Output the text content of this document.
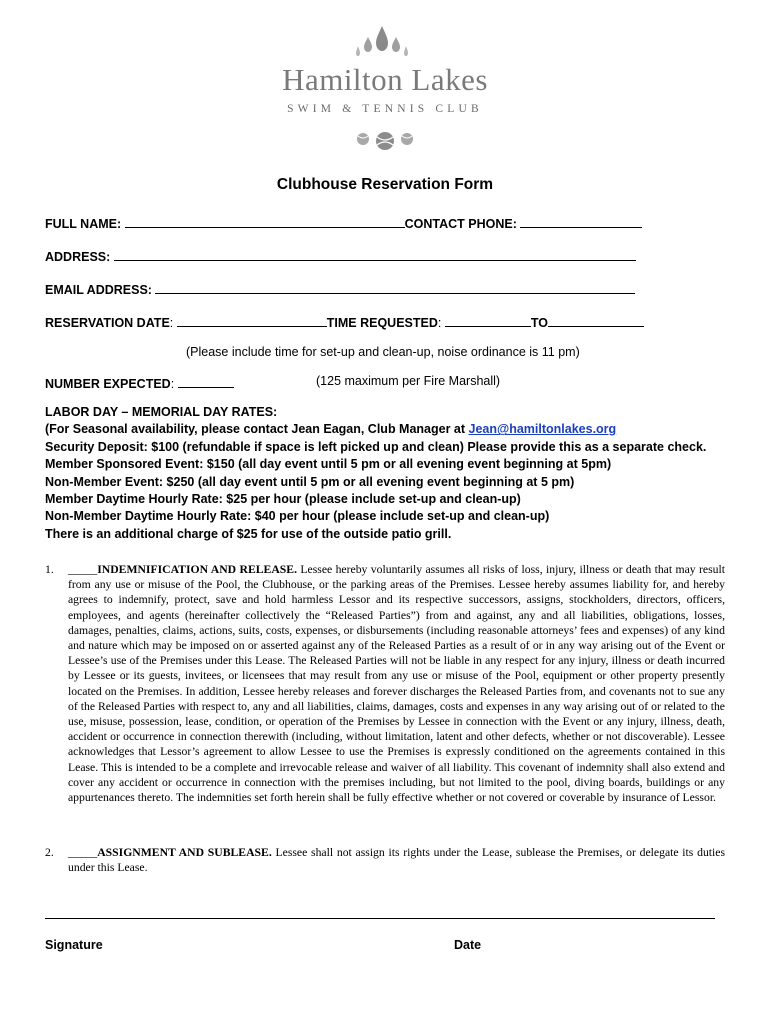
Hamilton Lakes
SWIM & TENNIS CLUB
Clubhouse Reservation Form
FULL NAME:	CONTACT PHONE:
ADDRESS:
EMAIL ADDRESS:
RESERVATION DATE:	TIME REQUESTED:	TO
(Please include time for set-up and clean-up, noise ordinance is 11 pm)
NUMBER EXPECTED:	(125 maximum per Fire Marshall)
LABOR DAY – MEMORIAL DAY RATES:
(For Seasonal availability, please contact Jean Eagan, Club Manager at Jean@hamiltonlakes.org
Security Deposit: $100 (refundable if space is left picked up and clean) Please provide this as a separate check.
Member Sponsored Event: $150 (all day event until 5 pm or all evening event beginning at 5pm)
Non-Member Event: $250 (all day event until 5 pm or all evening event beginning at 5 pm)
Member Daytime Hourly Rate: $25 per hour (please include set-up and clean-up)
Non-Member Daytime Hourly Rate: $40 per hour (please include set-up and clean-up)
There is an additional charge of $25 for use of the outside patio grill.
1. _____INDEMNIFICATION AND RELEASE. Lessee hereby voluntarily assumes all risks of loss, injury, illness or death that may result from any use or misuse of the Pool, the Clubhouse, or the parking areas of the Premises. Lessee hereby assumes liability for, and hereby agrees to indemnify, protect, save and hold harmless Lessor and its respective successors, assigns, stockholders, directors, officers, employees, and agents (hereinafter collectively the “Released Parties”) from and against, any and all liabilities, obligations, losses, damages, penalties, claims, actions, suits, costs, expenses, or disbursements (including reasonable attorneys’ fees and expenses) of any kind and nature which may be imposed on or asserted against any of the Released Parties as a result of or in any way arising out of the Event or Lessee’s use of the Premises under this Lease. The Released Parties will not be liable in any respect for any injury, illness or death incurred by Lessee or its guests, invitees, or licensees that may result from any use or misuse of the Pool, equipment or other property presently located on the Premises. In addition, Lessee hereby releases and forever discharges the Released Parties from, and covenants not to sue any of the Released Parties with respect to, any and all liabilities, claims, damages, costs and expenses in any way arising out of or related to the use, misuse, possession, lease, condition, or operation of the Premises by Lessee in connection with the Event or any injury, illness, death, accident or occurrence in connection therewith (including, without limitation, latent and other defects, whether or not discoverable). Lessee acknowledges that Lessor’s agreement to allow Lessee to use the Premises is expressly conditioned on the agreements contained in this Lease. This is intended to be a complete and irrevocable release and waiver of all liability. This covenant of indemnity shall also extend and cover any accident or occurrence in connection with the premises including, but not limited to the pool, diving boards, buildings or any appurtenances thereto. The indemnities set forth herein shall be fully effective whether or not covered or coverable by insurance of Lessor.
2. _____ASSIGNMENT AND SUBLEASE. Lessee shall not assign its rights under the Lease, sublease the Premises, or delegate its duties under this Lease.
Signature	Date
